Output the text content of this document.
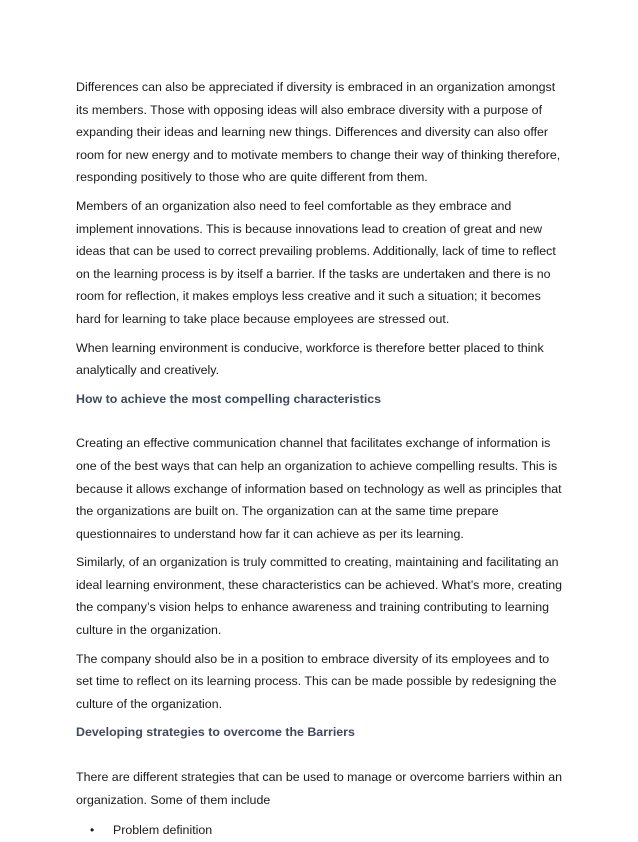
Differences can also be appreciated if diversity is embraced in an organization amongst its members. Those with opposing ideas will also embrace diversity with a purpose of expanding their ideas and learning new things. Differences and diversity can also offer room for new energy and to motivate members to change their way of thinking therefore, responding positively to those who are quite different from them.

Members of an organization also need to feel comfortable as they embrace and implement innovations. This is because innovations lead to creation of great and new ideas that can be used to correct prevailing problems. Additionally, lack of time to reflect on the learning process is by itself a barrier. If the tasks are undertaken and there is no room for reflection, it makes employs less creative and it such a situation; it becomes hard for learning to take place because employees are stressed out.

When learning environment is conducive, workforce is therefore better placed to think analytically and creatively.

How to achieve the most compelling characteristics

Creating an effective communication channel that facilitates exchange of information is one of the best ways that can help an organization to achieve compelling results. This is because it allows exchange of information based on technology as well as principles that the organizations are built on. The organization can at the same time prepare questionnaires to understand how far it can achieve as per its learning.

Similarly, of an organization is truly committed to creating, maintaining and facilitating an ideal learning environment, these characteristics can be achieved. What’s more, creating the company’s vision helps to enhance awareness and training contributing to learning culture in the organization.

The company should also be in a position to embrace diversity of its employees and to set time to reflect on its learning process. This can be made possible by redesigning the culture of the organization.

Developing strategies to overcome the Barriers

There are different strategies that can be used to manage or overcome barriers within an organization. Some of them include

• Problem definition
